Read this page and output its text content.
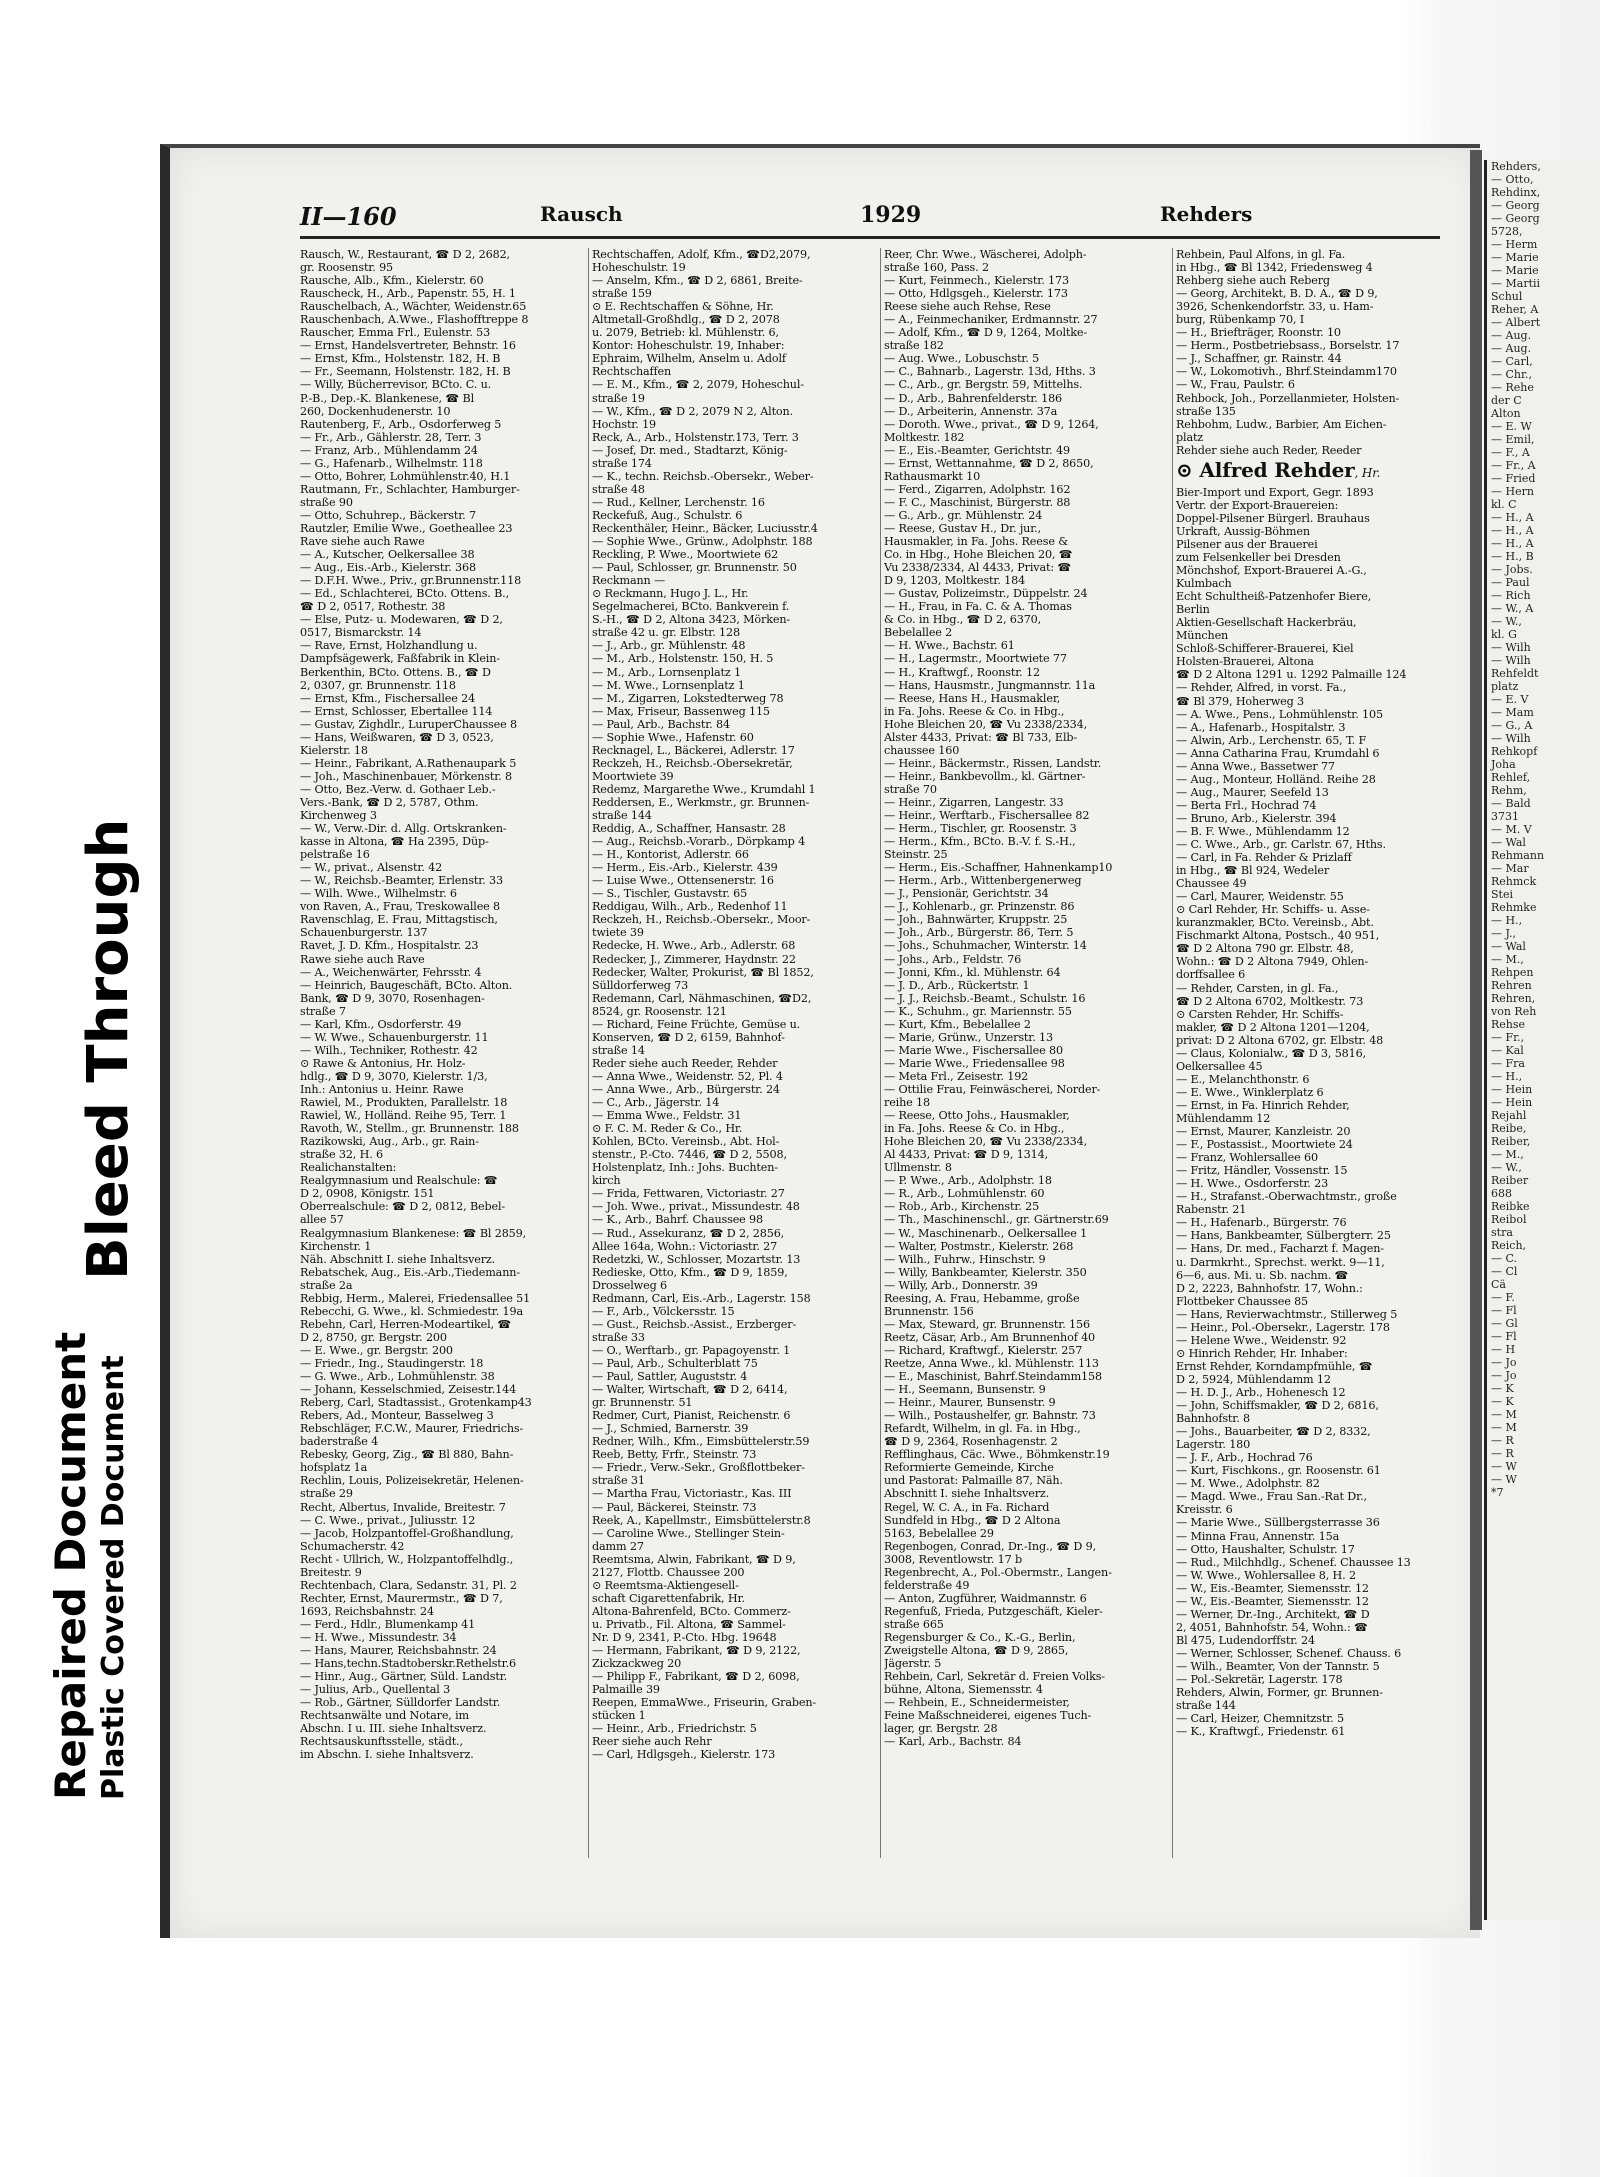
Rehders,
— Otto,
Rehdinx,
— Georg
— Georg
5728,
— Herm
— Marie
— Marie
— Martii
Schul
Reher, A
— Albert
— Aug.
— Aug.
— Carl,
— Chr.,
— Rehe
der C
Alton
— E. W
— Emil,
— F., A
— Fr., A
— Fried
— Hern
kl. C
— H., A
— H., A
— H., A
— H., B
— Jobs.
— Paul
— Rich
— W., A
— W.,
kl. G
— Wilh
— Wilh
Rehfeldt
platz
— E. V
— Mam
— G., A
— Wilh
Rehkopf
Joha
Rehlef,
Rehm,
— Bald
3731
— M. V
— Wal
Rehmann
— Mar
Rehmck
Stei
Rehmke
— H.,
— J.,
— Wal
— M.,
Rehpen
Rehren
Rehren,
von Reh
Rehse
— Fr.,
— Kal
— Fra
— H.,
— Hein
— Hein
Rejahl
Reibe,
Reiber,
— M.,
— W.,
Reiber
688
Reibke
Reibol
stra
Reich,
— C.
— Cl
Cä
— F.
— Fl
— Gl
— Fl
— H
— Jo
— Jo
— K
— K
— M
— M
— R
— R
— W
— W
*7
II—160	Rausch	1929	Rehders
Rausch, W., Restaurant, ☎ D 2, 2682,
gr. Roosenstr. 95
Rausche, Alb., Kfm., Kielerstr. 60
Rauscheck, H., Arb., Papenstr. 55, H. 1
Rauschelbach, A., Wächter, Weidenstr.65
Rauschenbach, A.Wwe., Flashofftreppe 8
Rauscher, Emma Frl., Eulenstr. 53
— Ernst, Handelsvertreter, Behnstr. 16
— Ernst, Kfm., Holstenstr. 182, H. B
— Fr., Seemann, Holstenstr. 182, H. B
— Willy, Bücherrevisor, BCto. C. u.
P.-B., Dep.-K. Blankenese, ☎ Bl
260, Dockenhudenerstr. 10
Rautenberg, F., Arb., Osdorferweg 5
— Fr., Arb., Gählerstr. 28, Terr. 3
— Franz, Arb., Mühlendamm 24
— G., Hafenarb., Wilhelmstr. 118
— Otto, Bohrer, Lohmühlenstr.40, H.1
Rautmann, Fr., Schlachter, Hamburger-
straße 90
— Otto, Schuhrep., Bäckerstr. 7
Rautzler, Emilie Wwe., Goetheallee 23
Rave siehe auch Rawe
— A., Kutscher, Oelkersallee 38
— Aug., Eis.-Arb., Kielerstr. 368
— D.F.H. Wwe., Priv., gr.Brunnenstr.118
— Ed., Schlachterei, BCto. Ottens. B.,
☎ D 2, 0517, Rothestr. 38
— Else, Putz- u. Modewaren, ☎ D 2,
0517, Bismarckstr. 14
— Rave, Ernst, Holzhandlung u.
Dampfsägewerk, Faßfabrik in Klein-
Berkenthin, BCto. Ottens. B., ☎ D
2, 0307, gr. Brunnenstr. 118
— Ernst, Kfm., Fischersallee 24
— Ernst, Schlosser, Ebertallee 114
— Gustav, Zighdlr., LuruperChaussee 8
— Hans, Weißwaren, ☎ D 3, 0523,
Kielerstr. 18
— Heinr., Fabrikant, A.Rathenaupark 5
— Joh., Maschinenbauer, Mörkenstr. 8
— Otto, Bez.-Verw. d. Gothaer Leb.-
Vers.-Bank, ☎ D 2, 5787, Othm.
Kirchenweg 3
— W., Verw.-Dir. d. Allg. Ortskranken-
kasse in Altona, ☎ Ha 2395, Düp-
pelstraße 16
— W., privat., Alsenstr. 42
— W., Reichsb.-Beamter, Erlenstr. 33
— Wilh. Wwe., Wilhelmstr. 6
von Raven, A., Frau, Treskowallee 8
Ravenschlag, E. Frau, Mittagstisch,
Schauenburgerstr. 137
Ravet, J. D. Kfm., Hospitalstr. 23
Rawe siehe auch Rave
— A., Weichenwärter, Fehrsstr. 4
— Heinrich, Baugeschäft, BCto. Alton.
Bank, ☎ D 9, 3070, Rosenhagen-
straße 7
— Karl, Kfm., Osdorferstr. 49
— W. Wwe., Schauenburgerstr. 11
— Wilh., Techniker, Rothestr. 42
⊙ Rawe & Antonius, Hr. Holz-
hdlg., ☎ D 9, 3070, Kielerstr. 1/3,
Inh.: Antonius u. Heinr. Rawe
Rawiel, M., Produkten, Parallelstr. 18
Rawiel, W., Holländ. Reihe 95, Terr. 1
Ravoth, W., Stellm., gr. Brunnenstr. 188
Razikowski, Aug., Arb., gr. Rain-
straße 32, H. 6
Realichanstalten:
Realgymnasium und Realschule: ☎
D 2, 0908, Königstr. 151
Oberrealschule: ☎ D 2, 0812, Bebel-
allee 57
Realgymnasium Blankenese: ☎ Bl 2859,
Kirchenstr. 1
Näh. Abschnitt I. siehe Inhaltsverz.
Rebatschek, Aug., Eis.-Arb.,Tiedemann-
straße 2a
Rebbig, Herm., Malerei, Friedensallee 51
Rebecchi, G. Wwe., kl. Schmiedestr. 19a
Rebehn, Carl, Herren-Modeartikel, ☎
D 2, 8750, gr. Bergstr. 200
— E. Wwe., gr. Bergstr. 200
— Friedr., Ing., Staudingerstr. 18
— G. Wwe., Arb., Lohmühlenstr. 38
— Johann, Kesselschmied, Zeisestr.144
Reberg, Carl, Stadtassist., Grotenkamp43
Rebers, Ad., Monteur, Basselweg 3
Rebschläger, F.C.W., Maurer, Friedrichs-
baderstraße 4
Rebesky, Georg, Zig., ☎ Bl 880, Bahn-
hofsplatz 1a
Rechlin, Louis, Polizeisekretär, Helenen-
straße 29
Recht, Albertus, Invalide, Breitestr. 7
— C. Wwe., privat., Juliusstr. 12
— Jacob, Holzpantoffel-Großhandlung,
Schumacherstr. 42
Recht - Ullrich, W., Holzpantoffelhdlg.,
Breitestr. 9
Rechtenbach, Clara, Sedanstr. 31, Pl. 2
Rechter, Ernst, Maurermstr., ☎ D 7,
1693, Reichsbahnstr. 24
— Ferd., Hdlr., Blumenkamp 41
— H. Wwe., Missundestr. 34
— Hans, Maurer, Reichsbahnstr. 24
— Hans,techn.Stadtoberskr.Rethelstr.6
— Hinr., Aug., Gärtner, Süld. Landstr.
— Julius, Arb., Quellental 3
— Rob., Gärtner, Sülldorfer Landstr.
Rechtsanwälte und Notare, im
Abschn. I u. III. siehe Inhaltsverz.
Rechtsauskunftsstelle, städt.,
im Abschn. I. siehe Inhaltsverz.
Rechtschaffen, Adolf, Kfm., ☎D2,2079,
Hoheschulstr. 19
— Anselm, Kfm., ☎ D 2, 6861, Breite-
straße 159
⊙ E. Rechtschaffen & Söhne, Hr.
Altmetall-Großhdlg., ☎ D 2, 2078
u. 2079, Betrieb: kl. Mühlenstr. 6,
Kontor: Hoheschulstr. 19, Inhaber:
Ephraim, Wilhelm, Anselm u. Adolf
Rechtschaffen
— E. M., Kfm., ☎ 2, 2079, Hoheschul-
straße 19
— W., Kfm., ☎ D 2, 2079 N 2, Alton.
Hochstr. 19
Reck, A., Arb., Holstenstr.173, Terr. 3
— Josef, Dr. med., Stadtarzt, König-
straße 174
— K., techn. Reichsb.-Obersekr., Weber-
straße 48
— Rud., Kellner, Lerchenstr. 16
Reckefuß, Aug., Schulstr. 6
Reckenthäler, Heinr., Bäcker, Luciusstr.4
— Sophie Wwe., Grünw., Adolphstr. 188
Reckling, P. Wwe., Moortwiete 62
— Paul, Schlosser, gr. Brunnenstr. 50
Reckmann —
⊙ Reckmann, Hugo J. L., Hr.
Segelmacherei, BCto. Bankverein f.
S.-H., ☎ D 2, Altona 3423, Mörken-
straße 42 u. gr. Elbstr. 128
— J., Arb., gr. Mühlenstr. 48
— M., Arb., Holstenstr. 150, H. 5
— M., Arb., Lornsenplatz 1
— M. Wwe., Lornsenplatz 1
— M., Zigarren, Lokstedterweg 78
— Max, Friseur, Bassenweg 115
— Paul, Arb., Bachstr. 84
— Sophie Wwe., Hafenstr. 60
Recknagel, L., Bäckerei, Adlerstr. 17
Reckzeh, H., Reichsb.-Obersekretär,
Moortwiete 39
Redemz, Margarethe Wwe., Krumdahl 1
Reddersen, E., Werkmstr., gr. Brunnen-
straße 144
Reddig, A., Schaffner, Hansastr. 28
— Aug., Reichsb.-Vorarb., Dörpkamp 4
— H., Kontorist, Adlerstr. 66
— Herm., Eis.-Arb., Kielerstr. 439
— Luise Wwe., Ottensenerstr. 16
— S., Tischler, Gustavstr. 65
Reddigau, Wilh., Arb., Redenhof 11
Reckzeh, H., Reichsb.-Obersekr., Moor-
twiete 39
Redecke, H. Wwe., Arb., Adlerstr. 68
Redecker, J., Zimmerer, Haydnstr. 22
Redecker, Walter, Prokurist, ☎ Bl 1852,
Sülldorferweg 73
Redemann, Carl, Nähmaschinen, ☎D2,
8524, gr. Roosenstr. 121
— Richard, Feine Früchte, Gemüse u.
Konserven, ☎ D 2, 6159, Bahnhof-
straße 14
Reder siehe auch Reeder, Rehder
— Anna Wwe., Weidenstr. 52, Pl. 4
— Anna Wwe., Arb., Bürgerstr. 24
— C., Arb., Jägerstr. 14
— Emma Wwe., Feldstr. 31
⊙ F. C. M. Reder & Co., Hr.
Kohlen, BCto. Vereinsb., Abt. Hol-
stenstr., P.-Cto. 7446, ☎ D 2, 5508,
Holstenplatz, Inh.: Johs. Buchten-
kirch
— Frida, Fettwaren, Victoriastr. 27
— Joh. Wwe., privat., Missundestr. 48
— K., Arb., Bahrf. Chaussee 98
— Rud., Assekuranz, ☎ D 2, 2856,
Allee 164a, Wohn.: Victoriastr. 27
Redetzki, W., Schlosser, Mozartstr. 13
Redieske, Otto, Kfm., ☎ D 9, 1859,
Drosselweg 6
Redmann, Carl, Eis.-Arb., Lagerstr. 158
— F., Arb., Völckersstr. 15
— Gust., Reichsb.-Assist., Erzberger-
straße 33
— O., Werftarb., gr. Papagoyenstr. 1
— Paul, Arb., Schulterblatt 75
— Paul, Sattler, Auguststr. 4
— Walter, Wirtschaft, ☎ D 2, 6414,
gr. Brunnenstr. 51
Redmer, Curt, Pianist, Reichenstr. 6
— J., Schmied, Barnerstr. 39
Redner, Wilh., Kfm., Eimsbüttelerstr.59
Reeb, Betty, Frfr., Steinstr. 73
— Friedr., Verw.-Sekr., Großflottbeker-
straße 31
— Martha Frau, Victoriastr., Kas. III
— Paul, Bäckerei, Steinstr. 73
Reek, A., Kapellmstr., Eimsbüttelerstr.8
— Caroline Wwe., Stellinger Stein-
damm 27
Reemtsma, Alwin, Fabrikant, ☎ D 9,
2127, Flottb. Chaussee 200
⊙ Reemtsma-Aktiengesell-
schaft Cigarettenfabrik, Hr.
Altona-Bahrenfeld, BCto. Commerz-
u. Privatb., Fil. Altona, ☎ Sammel-
Nr. D 9, 2341, P.-Cto. Hbg. 19648
— Hermann, Fabrikant, ☎ D 9, 2122,
Zickzackweg 20
— Philipp F., Fabrikant, ☎ D 2, 6098,
Palmaille 39
Reepen, EmmaWwe., Friseurin, Graben-
stücken 1
— Heinr., Arb., Friedrichstr. 5
Reer siehe auch Rehr
— Carl, Hdlgsgeh., Kielerstr. 173
Reer, Chr. Wwe., Wäscherei, Adolph-
straße 160, Pass. 2
— Kurt, Feinmech., Kielerstr. 173
— Otto, Hdlgsgeh., Kielerstr. 173
Reese siehe auch Rehse, Rese
— A., Feinmechaniker, Erdmannstr. 27
— Adolf, Kfm., ☎ D 9, 1264, Moltke-
straße 182
— Aug. Wwe., Lobuschstr. 5
— C., Bahnarb., Lagerstr. 13d, Hths. 3
— C., Arb., gr. Bergstr. 59, Mittelhs.
— D., Arb., Bahrenfelderstr. 186
— D., Arbeiterin, Annenstr. 37a
— Doroth. Wwe., privat., ☎ D 9, 1264,
Moltkestr. 182
— E., Eis.-Beamter, Gerichtstr. 49
— Ernst, Wettannahme, ☎ D 2, 8650,
Rathausmarkt 10
— Ferd., Zigarren, Adolphstr. 162
— F. C., Maschinist, Bürgerstr. 88
— G., Arb., gr. Mühlenstr. 24
— Reese, Gustav H., Dr. jur.,
Hausmakler, in Fa. Johs. Reese &
Co. in Hbg., Hohe Bleichen 20, ☎
Vu 2338/2334, Al 4433, Privat: ☎
D 9, 1203, Moltkestr. 184
— Gustav, Polizeimstr., Düppelstr. 24
— H., Frau, in Fa. C. & A. Thomas
& Co. in Hbg., ☎ D 2, 6370,
Bebelallee 2
— H. Wwe., Bachstr. 61
— H., Lagermstr., Moortwiete 77
— H., Kraftwgf., Roonstr. 12
— Hans, Hausmstr., Jungmannstr. 11a
— Reese, Hans H., Hausmakler,
in Fa. Johs. Reese & Co. in Hbg.,
Hohe Bleichen 20, ☎ Vu 2338/2334,
Alster 4433, Privat: ☎ Bl 733, Elb-
chaussee 160
— Heinr., Bäckermstr., Rissen, Landstr.
— Heinr., Bankbevollm., kl. Gärtner-
straße 70
— Heinr., Zigarren, Langestr. 33
— Heinr., Werftarb., Fischersallee 82
— Herm., Tischler, gr. Roosenstr. 3
— Herm., Kfm., BCto. B.-V. f. S.-H.,
Steinstr. 25
— Herm., Eis.-Schaffner, Hahnenkamp10
— Herm., Arb., Wittenbergenerweg
— J., Pensionär, Gerichtstr. 34
— J., Kohlenarb., gr. Prinzenstr. 86
— Joh., Bahnwärter, Kruppstr. 25
— Joh., Arb., Bürgerstr. 86, Terr. 5
— Johs., Schuhmacher, Winterstr. 14
— Johs., Arb., Feldstr. 76
— Jonni, Kfm., kl. Mühlenstr. 64
— J. D., Arb., Rückertstr. 1
— J. J., Reichsb.-Beamt., Schulstr. 16
— K., Schuhm., gr. Mariennstr. 55
— Kurt, Kfm., Bebelallee 2
— Marie, Grünw., Unzerstr. 13
— Marie Wwe., Fischersallee 80
— Marie Wwe., Friedensallee 98
— Meta Frl., Zeisestr. 192
— Ottilie Frau, Feinwäscherei, Norder-
reihe 18
— Reese, Otto Johs., Hausmakler,
in Fa. Johs. Reese & Co. in Hbg.,
Hohe Bleichen 20, ☎ Vu 2338/2334,
Al 4433, Privat: ☎ D 9, 1314,
Ullmenstr. 8
— P. Wwe., Arb., Adolphstr. 18
— R., Arb., Lohmühlenstr. 60
— Rob., Arb., Kirchenstr. 25
— Th., Maschinenschl., gr. Gärtnerstr.69
— W., Maschinenarb., Oelkersallee 1
— Walter, Postmstr., Kielerstr. 268
— Wilh., Fuhrw., Hinschstr. 9
— Willy, Bankbeamter, Kielerstr. 350
— Willy, Arb., Donnerstr. 39
Reesing, A. Frau, Hebamme, große
Brunnenstr. 156
— Max, Steward, gr. Brunnenstr. 156
Reetz, Cäsar, Arb., Am Brunnenhof 40
— Richard, Kraftwgf., Kielerstr. 257
Reetze, Anna Wwe., kl. Mühlenstr. 113
— E., Maschinist, Bahrf.Steindamm158
— H., Seemann, Bunsenstr. 9
— Heinr., Maurer, Bunsenstr. 9
— Wilh., Postaushelfer, gr. Bahnstr. 73
Refardt, Wilhelm, in gl. Fa. in Hbg.,
☎ D 9, 2364, Rosenhagenstr. 2
Refflinghaus, Cäc. Wwe., Böhmkenstr.19
Reformierte Gemeinde, Kirche
und Pastorat: Palmaille 87, Näh.
Abschnitt I. siehe Inhaltsverz.
Regel, W. C. A., in Fa. Richard
Sundfeld in Hbg., ☎ D 2 Altona
5163, Bebelallee 29
Regenbogen, Conrad, Dr.-Ing., ☎ D 9,
3008, Reventlowstr. 17 b
Regenbrecht, A., Pol.-Obermstr., Langen-
felderstraße 49
— Anton, Zugführer, Waidmannstr. 6
Regenfuß, Frieda, Putzgeschäft, Kieler-
straße 665
Regensburger & Co., K.-G., Berlin,
Zweigstelle Altona, ☎ D 9, 2865,
Jägerstr. 5
Rehbein, Carl, Sekretär d. Freien Volks-
bühne, Altona, Siemensstr. 4
— Rehbein, E., Schneidermeister,
Feine Maßschneiderei, eigenes Tuch-
lager, gr. Bergstr. 28
— Karl, Arb., Bachstr. 84
Rehbein, Paul Alfons, in gl. Fa.
in Hbg., ☎ Bl 1342, Friedensweg 4
Rehberg siehe auch Reberg
— Georg, Architekt, B. D. A., ☎ D 9,
3926, Schenkendorfstr. 33, u. Ham-
burg, Rübenkamp 70, I
— H., Briefträger, Roonstr. 10
— Herm., Postbetriebsass., Borselstr. 17
— J., Schaffner, gr. Rainstr. 44
— W., Lokomotivh., Bhrf.Steindamm170
— W., Frau, Paulstr. 6
Rehbock, Joh., Porzellanmieter, Holsten-
straße 135
Rehbohm, Ludw., Barbier, Am Eichen-
platz
Rehder siehe auch Reder, Reeder
⊙ Alfred Rehder, Hr.
Bier-Import und Export, Gegr. 1893
Vertr. der Export-Brauereien:
Doppel-Pilsener Bürgerl. Brauhaus
Urkraft, Aussig-Böhmen
Pilsener aus der Brauerei
zum Felsenkeller bei Dresden
Mönchshof, Export-Brauerei A.-G.,
Kulmbach
Echt Schultheiß-Patzenhofer Biere,
Berlin
Aktien-Gesellschaft Hackerbräu,
München
Schloß-Schifferer-Brauerei, Kiel
Holsten-Brauerei, Altona
☎ D 2 Altona 1291 u. 1292 Palmaille 124
— Rehder, Alfred, in vorst. Fa.,
☎ Bl 379, Hoherweg 3
— A. Wwe., Pens., Lohmühlenstr. 105
— A., Hafenarb., Hospitalstr. 3
— Alwin, Arb., Lerchenstr. 65, T. F
— Anna Catharina Frau, Krumdahl 6
— Anna Wwe., Bassetwer 77
— Aug., Monteur, Holländ. Reihe 28
— Aug., Maurer, Seefeld 13
— Berta Frl., Hochrad 74
— Bruno, Arb., Kielerstr. 394
— B. F. Wwe., Mühlendamm 12
— C. Wwe., Arb., gr. Carlstr. 67, Hths.
— Carl, in Fa. Rehder & Prizlaff
in Hbg., ☎ Bl 924, Wedeler
Chaussee 49
— Carl, Maurer, Weidenstr. 55
⊙ Carl Rehder, Hr. Schiffs- u. Asse-
kuranzmakler, BCto. Vereinsb., Abt.
Fischmarkt Altona, Postsch., 40 951,
☎ D 2 Altona 790 gr. Elbstr. 48,
Wohn.: ☎ D 2 Altona 7949, Ohlen-
dorffsallee 6
— Rehder, Carsten, in gl. Fa.,
☎ D 2 Altona 6702, Moltkestr. 73
⊙ Carsten Rehder, Hr. Schiffs-
makler, ☎ D 2 Altona 1201—1204,
privat: D 2 Altona 6702, gr. Elbstr. 48
— Claus, Kolonialw., ☎ D 3, 5816,
Oelkersallee 45
— E., Melanchthonstr. 6
— E. Wwe., Winklerplatz 6
— Ernst, in Fa. Hinrich Rehder,
Mühlendamm 12
— Ernst, Maurer, Kanzleistr. 20
— F., Postassist., Moortwiete 24
— Franz, Wohlersallee 60
— Fritz, Händler, Vossenstr. 15
— H. Wwe., Osdorferstr. 23
— H., Strafanst.-Oberwachtmstr., große
Rabenstr. 21
— H., Hafenarb., Bürgerstr. 76
— Hans, Bankbeamter, Sülbergterr. 25
— Hans, Dr. med., Facharzt f. Magen-
u. Darmkrht., Sprechst. werkt. 9—11,
6—6, aus. Mi. u. Sb. nachm. ☎
D 2, 2223, Bahnhofstr. 17, Wohn.:
Flottbeker Chaussee 85
— Hans, Revierwachtmstr., Stillerweg 5
— Heinr., Pol.-Obersekr., Lagerstr. 178
— Helene Wwe., Weidenstr. 92
⊙ Hinrich Rehder, Hr. Inhaber:
Ernst Rehder, Korndampfmühle, ☎
D 2, 5924, Mühlendamm 12
— H. D. J., Arb., Hohenesch 12
— John, Schiffsmakler, ☎ D 2, 6816,
Bahnhofstr. 8
— Johs., Bauarbeiter, ☎ D 2, 8332,
Lagerstr. 180
— J. F., Arb., Hochrad 76
— Kurt, Fischkons., gr. Roosenstr. 61
— M. Wwe., Adolphstr. 82
— Magd. Wwe., Frau San.-Rat Dr.,
Kreisstr. 6
— Marie Wwe., Süllbergsterrasse 36
— Minna Frau, Annenstr. 15a
— Otto, Haushalter, Schulstr. 17
— Rud., Milchhdlg., Schenef. Chaussee 13
— W. Wwe., Wohlersallee 8, H. 2
— W., Eis.-Beamter, Siemensstr. 12
— W., Eis.-Beamter, Siemensstr. 12
— Werner, Dr.-Ing., Architekt, ☎ D
2, 4051, Bahnhofstr. 54, Wohn.: ☎
Bl 475, Ludendorffstr. 24
— Werner, Schlosser, Schenef. Chauss. 6
— Wilh., Beamter, Von der Tannstr. 5
— Pol.-Sekretär, Lagerstr. 178
Rehders, Alwin, Former, gr. Brunnen-
straße 144
— Carl, Heizer, Chemnitzstr. 5
— K., Kraftwgf., Friedenstr. 61
Repaired Document Plastic Covered Document
Bleed Through
